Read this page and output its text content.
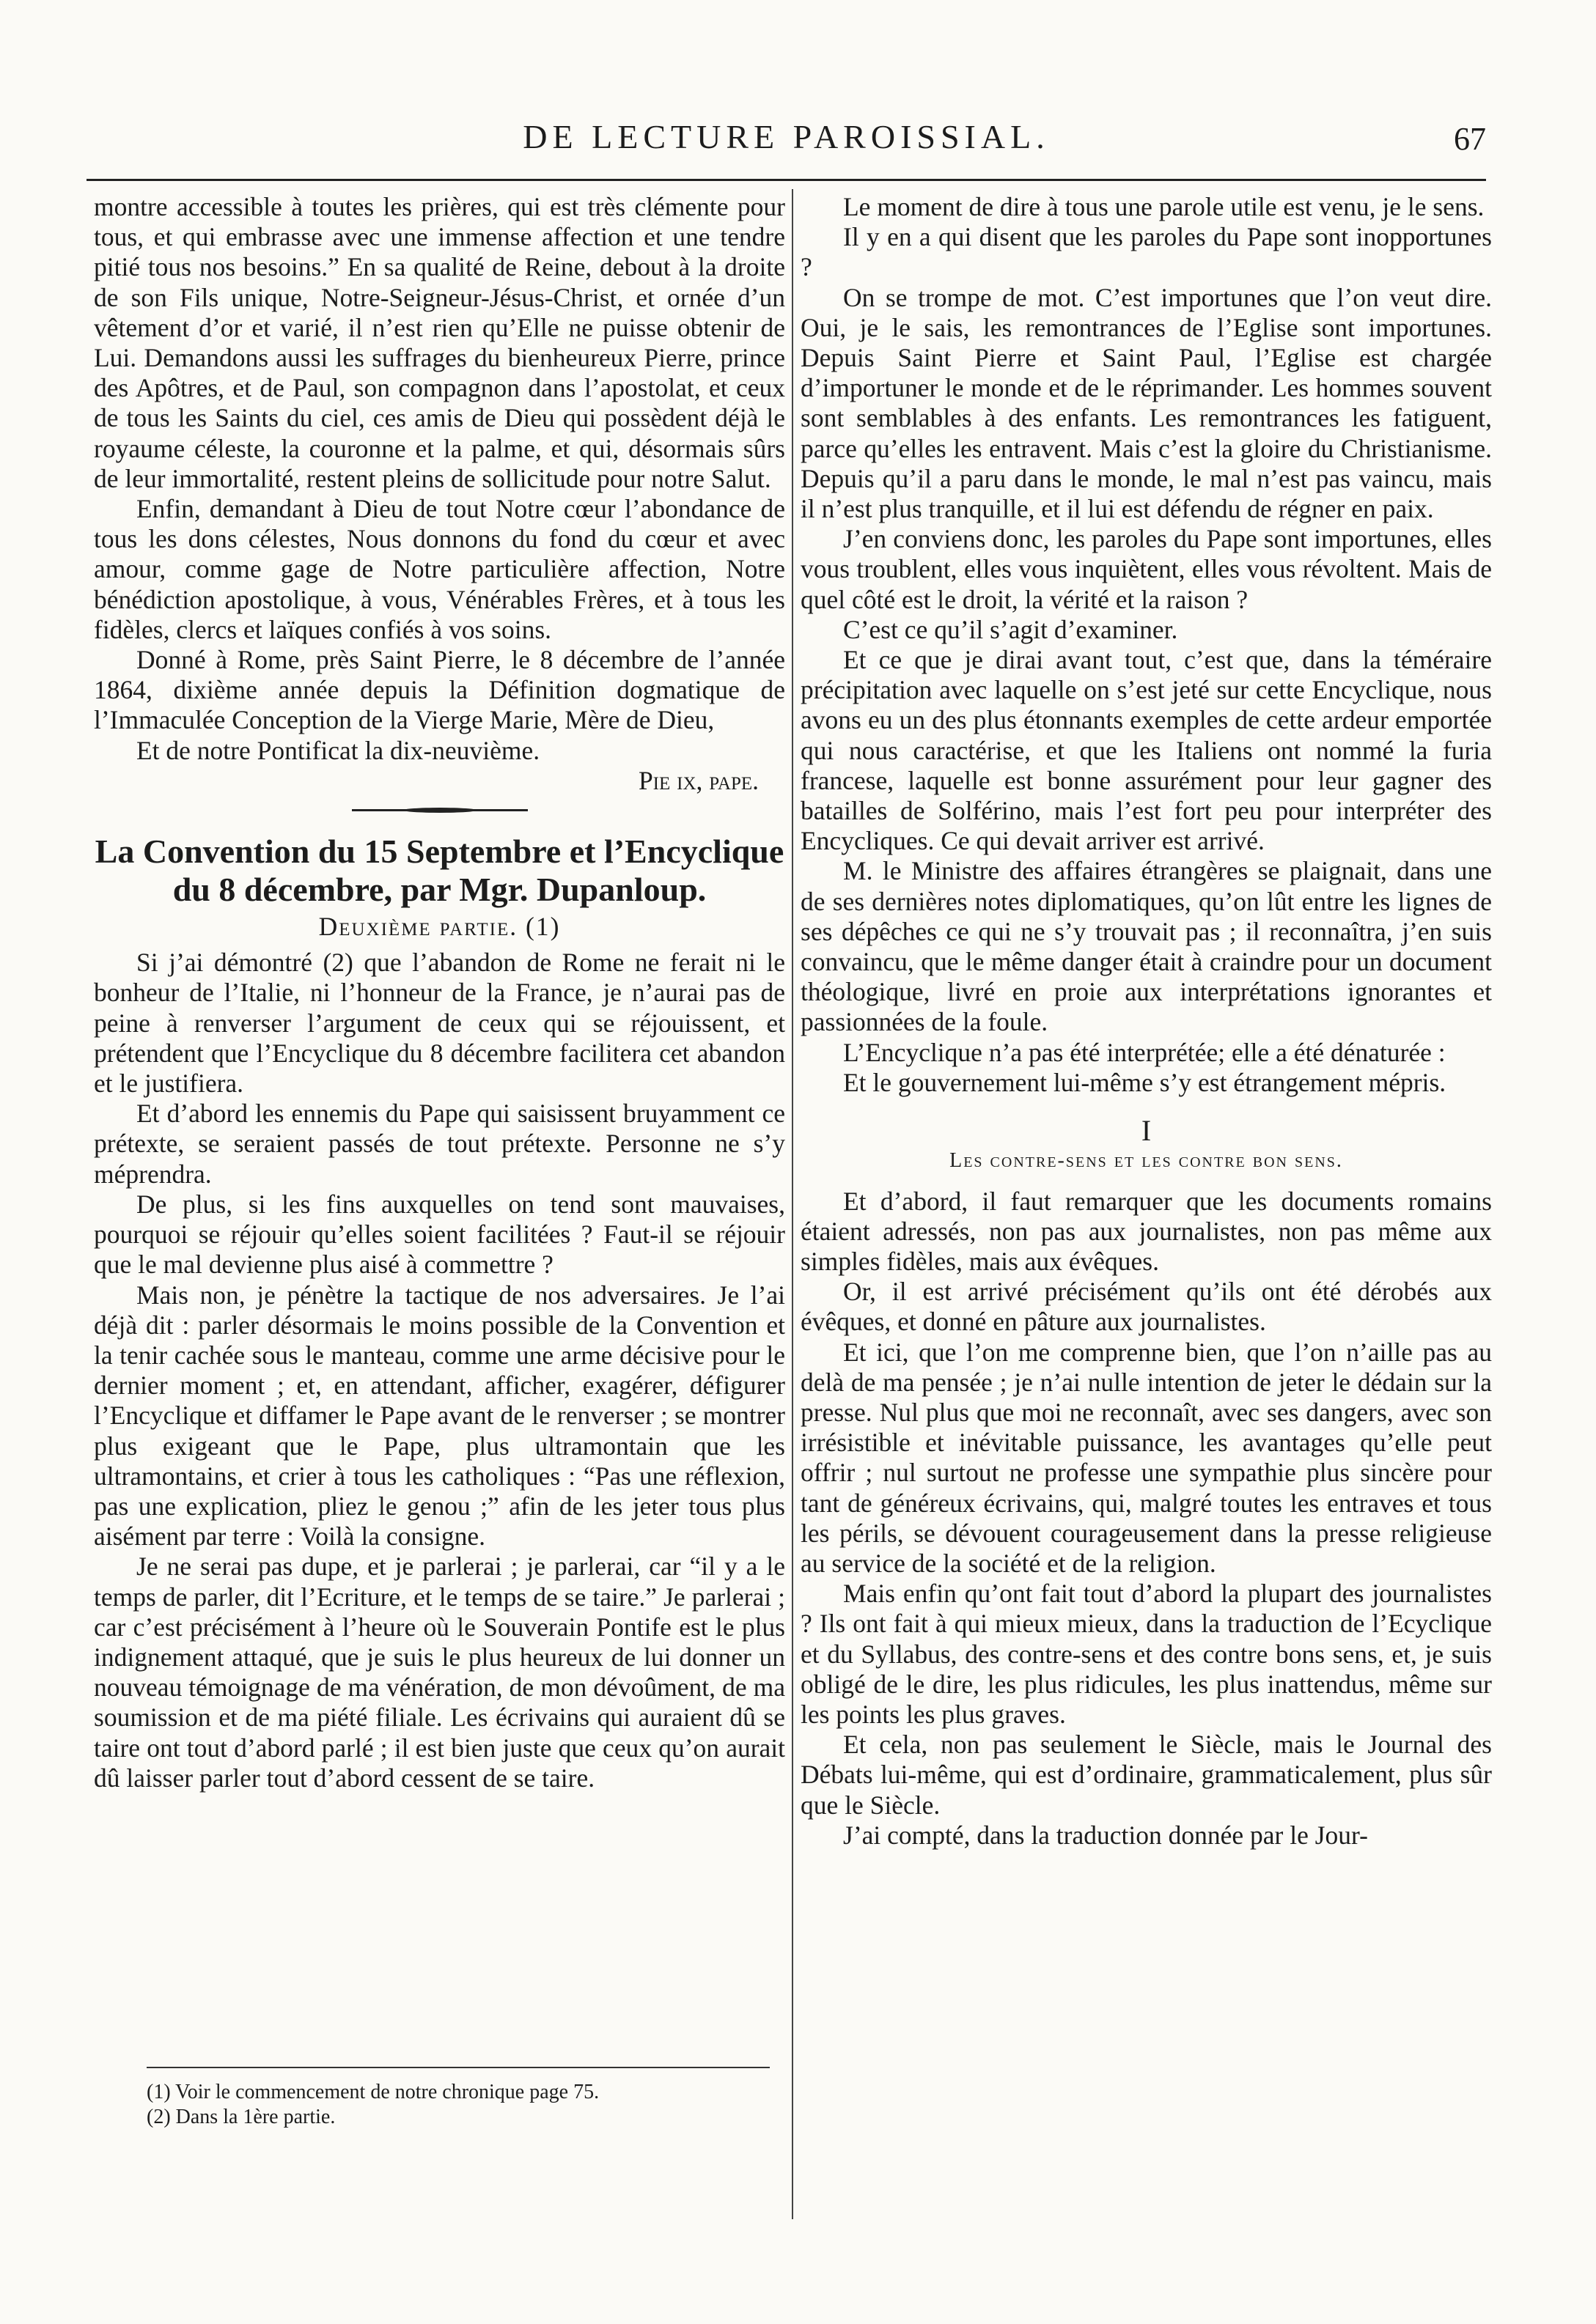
DE LECTURE PAROISSIAL.	67

montre accessible à toutes les prières, qui est très clémente pour tous, et qui embrasse avec une immense affection et une tendre pitié tous nos besoins.” En sa qualité de Reine, debout à la droite de son Fils unique, Notre-Seigneur-Jésus-Christ, et ornée d’un vêtement d’or et varié, il n’est rien qu’Elle ne puisse obtenir de Lui. Demandons aussi les suffrages du bienheureux Pierre, prince des Apôtres, et de Paul, son compagnon dans l’apostolat, et ceux de tous les Saints du ciel, ces amis de Dieu qui possèdent déjà le royaume céleste, la couronne et la palme, et qui, désormais sûrs de leur immortalité, restent pleins de sollicitude pour notre Salut.

Enfin, demandant à Dieu de tout Notre cœur l’abondance de tous les dons célestes, Nous donnons du fond du cœur et avec amour, comme gage de Notre particulière affection, Notre bénédiction apostolique, à vous, Vénérables Frères, et à tous les fidèles, clercs et laïques confiés à vos soins.

Donné à Rome, près Saint Pierre, le 8 décembre de l’année 1864, dixième année depuis la Définition dogmatique de l’Immaculée Conception de la Vierge Marie, Mère de Dieu,

Et de notre Pontificat la dix-neuvième.

Pie ix, pape.
La Convention du 15 Septembre et l’Encyclique du 8 décembre, par Mgr. Dupanloup.
Deuxième partie. (1)

Si j’ai démontré (2) que l’abandon de Rome ne ferait ni le bonheur de l’Italie, ni l’honneur de la France, je n’aurai pas de peine à renverser l’argument de ceux qui se réjouissent, et prétendent que l’Encyclique du 8 décembre facilitera cet abandon et le justifiera.

Et d’abord les ennemis du Pape qui saisissent bruyamment ce prétexte, se seraient passés de tout prétexte. Personne ne s’y méprendra.

De plus, si les fins auxquelles on tend sont mauvaises, pourquoi se réjouir qu’elles soient facilitées ? Faut-il se réjouir que le mal devienne plus aisé à commettre ?

Mais non, je pénètre la tactique de nos adversaires. Je l’ai déjà dit : parler désormais le moins possible de la Convention et la tenir cachée sous le manteau, comme une arme décisive pour le dernier moment ; et, en attendant, afficher, exagérer, défigurer l’Encyclique et diffamer le Pape avant de le renverser ; se montrer plus exigeant que le Pape, plus ultramontain que les ultramontains, et crier à tous les catholiques : “Pas une réflexion, pas une explication, pliez le genou ;” afin de les jeter tous plus aisément par terre : Voilà la consigne.

Je ne serai pas dupe, et je parlerai ; je parlerai, car “il y a le temps de parler, dit l’Ecriture, et le temps de se taire.” Je parlerai ; car c’est précisément à l’heure où le Souverain Pontife est le plus indignement attaqué, que je suis le plus heureux de lui donner un nouveau témoignage de ma vénération, de mon dévoûment, de ma soumission et de ma piété filiale. Les écrivains qui auraient dû se taire ont tout d’abord parlé ; il est bien juste que ceux qu’on aurait dû laisser parler tout d’abord cessent de se taire.

(1) Voir le commencement de notre chronique page 75.
(2) Dans la 1ère partie.

Le moment de dire à tous une parole utile est venu, je le sens.

Il y en a qui disent que les paroles du Pape sont inopportunes ?

On se trompe de mot. C’est importunes que l’on veut dire. Oui, je le sais, les remontrances de l’Eglise sont importunes. Depuis Saint Pierre et Saint Paul, l’Eglise est chargée d’importuner le monde et de le réprimander. Les hommes souvent sont semblables à des enfants. Les remontrances les fatiguent, parce qu’elles les entravent. Mais c’est la gloire du Christianisme. Depuis qu’il a paru dans le monde, le mal n’est pas vaincu, mais il n’est plus tranquille, et il lui est défendu de régner en paix.

J’en conviens donc, les paroles du Pape sont importunes, elles vous troublent, elles vous inquiètent, elles vous révoltent. Mais de quel côté est le droit, la vérité et la raison ?

C’est ce qu’il s’agit d’examiner.

Et ce que je dirai avant tout, c’est que, dans la téméraire précipitation avec laquelle on s’est jeté sur cette Encyclique, nous avons eu un des plus étonnants exemples de cette ardeur emportée qui nous caractérise, et que les Italiens ont nommé la furia francese, laquelle est bonne assurément pour leur gagner des batailles de Solférino, mais l’est fort peu pour interpréter des Encycliques. Ce qui devait arriver est arrivé.

M. le Ministre des affaires étrangères se plaignait, dans une de ses dernières notes diplomatiques, qu’on lût entre les lignes de ses dépêches ce qui ne s’y trouvait pas ; il reconnaîtra, j’en suis convaincu, que le même danger était à craindre pour un document théologique, livré en proie aux interprétations ignorantes et passionnées de la foule.

L’Encyclique n’a pas été interprétée; elle a été dénaturée :

Et le gouvernement lui-même s’y est étrangement mépris.

I
Les contre-sens et les contre bon sens.

Et d’abord, il faut remarquer que les documents romains étaient adressés, non pas aux journalistes, non pas même aux simples fidèles, mais aux évêques.

Or, il est arrivé précisément qu’ils ont été dérobés aux évêques, et donné en pâture aux journalistes.

Et ici, que l’on me comprenne bien, que l’on n’aille pas au delà de ma pensée ; je n’ai nulle intention de jeter le dédain sur la presse. Nul plus que moi ne reconnaît, avec ses dangers, avec son irrésistible et inévitable puissance, les avantages qu’elle peut offrir ; nul surtout ne professe une sympathie plus sincère pour tant de généreux écrivains, qui, malgré toutes les entraves et tous les périls, se dévouent courageusement dans la presse religieuse au service de la société et de la religion.

Mais enfin qu’ont fait tout d’abord la plupart des journalistes ? Ils ont fait à qui mieux mieux, dans la traduction de l’Ecyclique et du Syllabus, des contre-sens et des contre bons sens, et, je suis obligé de le dire, les plus ridicules, les plus inattendus, même sur les points les plus graves.

Et cela, non pas seulement le Siècle, mais le Journal des Débats lui-même, qui est d’ordinaire, grammaticalement, plus sûr que le Siècle.

J’ai compté, dans la traduction donnée par le Jour-
